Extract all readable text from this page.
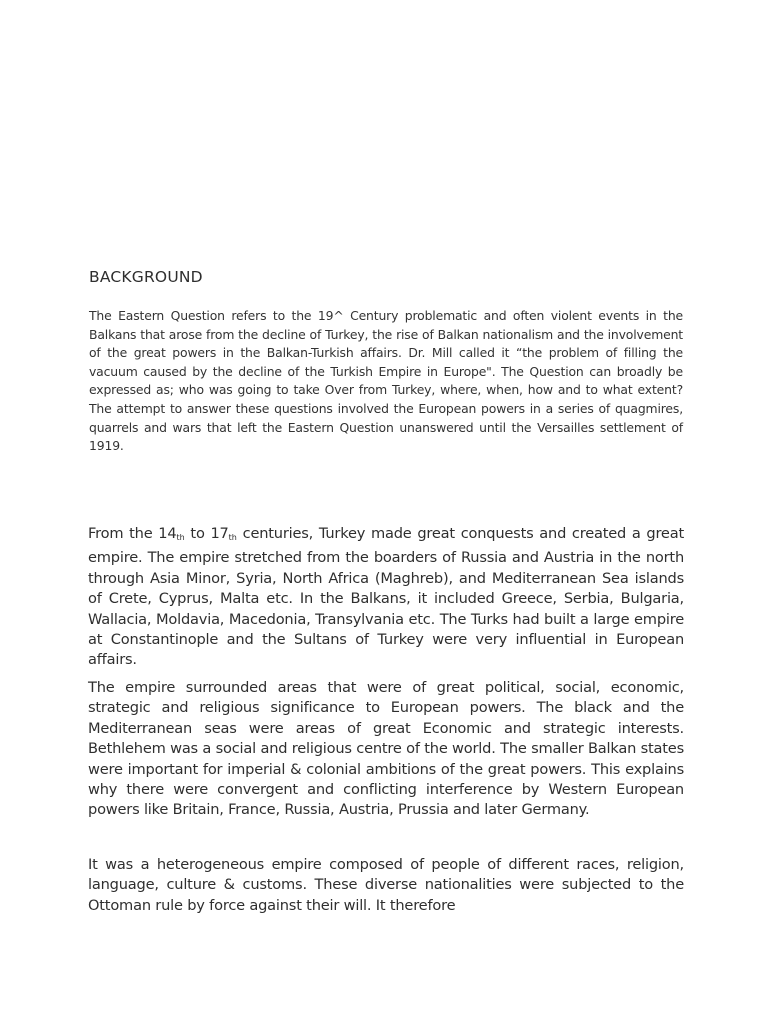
BACKGROUND

The Eastern Question refers to the 19^ Century problematic and often violent events in the Balkans that arose from the decline of Turkey, the rise of Balkan nationalism and the involvement of the great powers in the Balkan-Turkish affairs. Dr. Mill called it “the problem of filling the vacuum caused by the decline of the Turkish Empire in Europe". The Question can broadly be expressed as; who was going to take Over from Turkey, where, when, how and to what extent? The attempt to answer these questions involved the European powers in a series of quagmires, quarrels and wars that left the Eastern Question unanswered until the Versailles settlement of 1919.

From the $14_{th}$ to $17_{th}$ centuries, Turkey made great conquests and created a great empire. The empire stretched from the boarders of Russia and Austria in the north through Asia Minor, Syria, North Africa (Maghreb), and Mediterranean Sea islands of Crete, Cyprus, Malta etc. In the Balkans, it included Greece, Serbia, Bulgaria, Wallacia, Moldavia, Macedonia, Transylvania etc. The Turks had built a large empire at Constantinople and the Sultans of Turkey were very influential in European affairs.

The empire surrounded areas that were of great political, social, economic, strategic and religious significance to European powers. The black and the Mediterranean seas were areas of great Economic and strategic interests. Bethlehem was a social and religious centre of the world. The smaller Balkan states were important for imperial & colonial ambitions of the great powers. This explains why there were convergent and conflicting interference by Western European powers like Britain, France, Russia, Austria, Prussia and later Germany.

It was a heterogeneous empire composed of people of different races, religion, language, culture & customs. These diverse nationalities were subjected to the Ottoman rule by force against their will. It therefore
